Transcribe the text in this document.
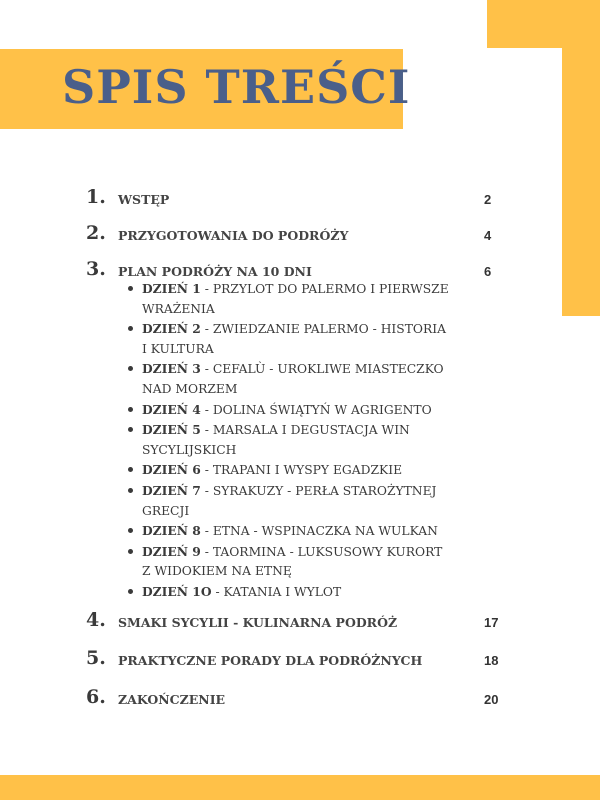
SPIS TREŚCI
1. WSTĘP	2
2. PRZYGOTOWANIA DO PODRÓŻY	4
3. PLAN PODRÓŻY NA 10 DNI	6
DZIEŃ 1 - PRZYLOT DO PALERMO I PIERWSZE WRAŻENIA
DZIEŃ 2 - ZWIEDZANIE PALERMO - HISTORIA I KULTURA
DZIEŃ 3 - CEFALÙ - UROKLIWE MIASTECZKO NAD MORZEM
DZIEŃ 4 - DOLINA ŚWIĄTYŃ W AGRIGENTO
DZIEŃ 5 - MARSALA I DEGUSTACJA WIN SYCYLIJSKICH
DZIEŃ 6 - TRAPANI I WYSPY EGADZKIE
DZIEŃ 7 - SYRAKUZY - PERŁA STAROŻYTNEJ GRECJI
DZIEŃ 8 - ETNA - WSPINACZKA NA WULKAN
DZIEŃ 9 - TAORMINA - LUKSUSOWY KURORT Z WIDOKIEM NA ETNĘ
DZIEŃ 1O - KATANIA I WYLOT
4. SMAKI SYCYLII - KULINARNA PODRÓŻ	17
5. PRAKTYCZNE PORADY DLA PODRÓŻNYCH	18
6. ZAKOŃCZENIE	20
